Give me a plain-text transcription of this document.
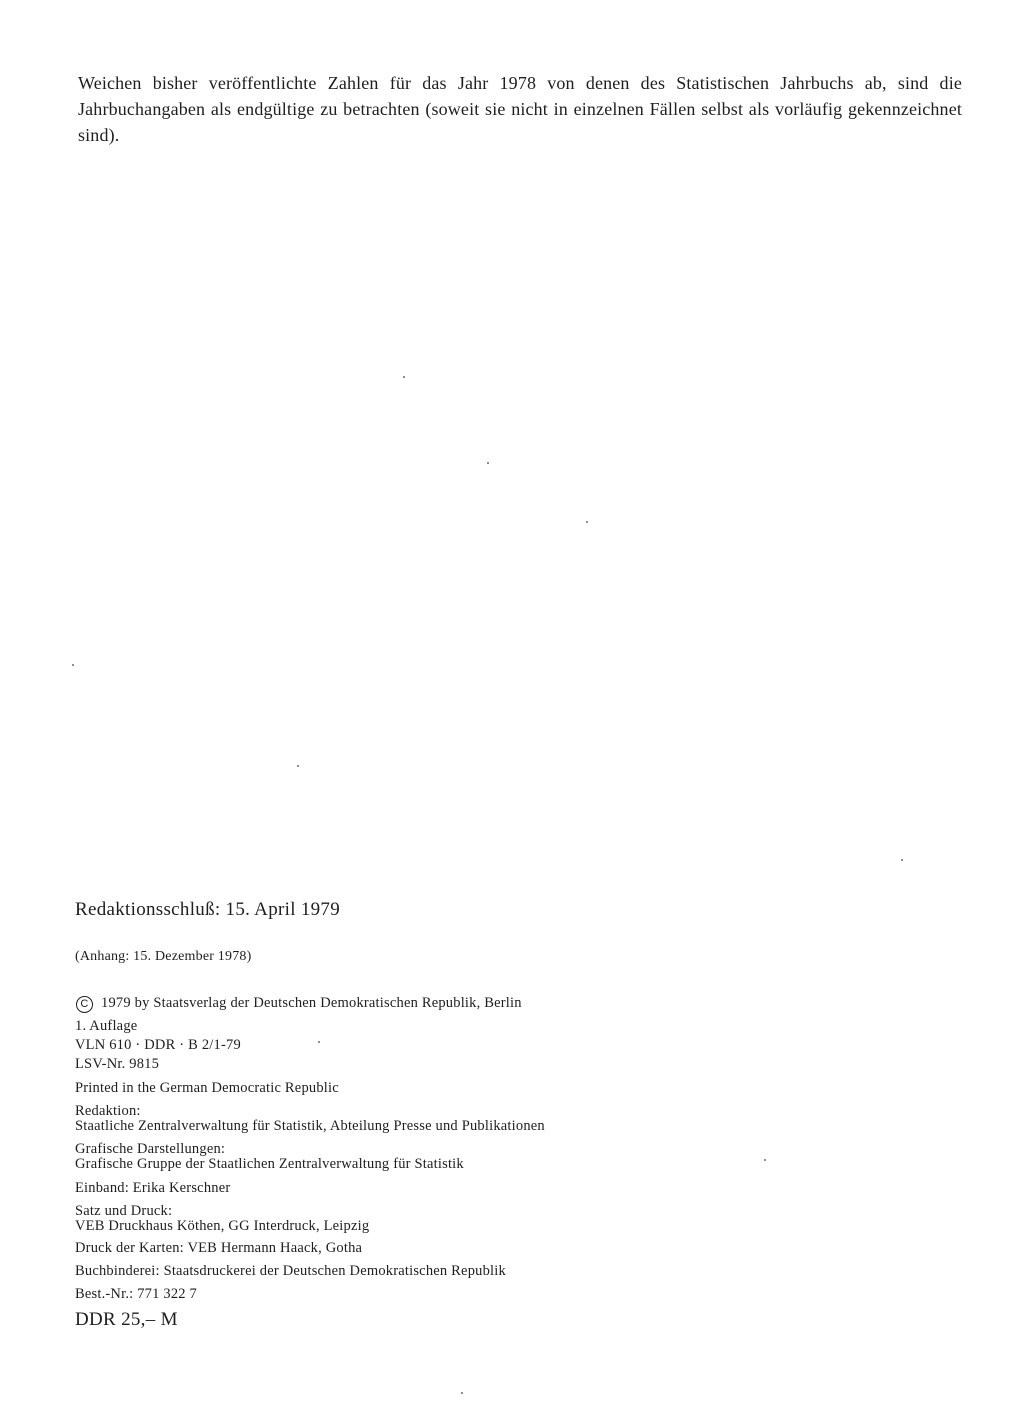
Weichen bisher veröffentlichte Zahlen für das Jahr 1978 von denen des Statistischen Jahrbuchs ab, sind die Jahrbuchangaben als endgültige zu betrachten (soweit sie nicht in einzelnen Fällen selbst als vorläufig gekennzeichnet sind).

Redaktionsschluß: 15. April 1979
(Anhang: 15. Dezember 1978)
C 1979 by Staatsverlag der Deutschen Demokratischen Republik, Berlin
1. Auflage
VLN 610 · DDR · B 2/1-79
LSV-Nr. 9815
Printed in the German Democratic Republic
Redaktion:
Staatliche Zentralverwaltung für Statistik, Abteilung Presse und Publikationen
Grafische Darstellungen:
Grafische Gruppe der Staatlichen Zentralverwaltung für Statistik
Einband: Erika Kerschner
Satz und Druck:
VEB Druckhaus Köthen, GG Interdruck, Leipzig
Druck der Karten: VEB Hermann Haack, Gotha
Buchbinderei: Staatsdruckerei der Deutschen Demokratischen Republik
Best.-Nr.: 771 322 7
DDR 25,– M
